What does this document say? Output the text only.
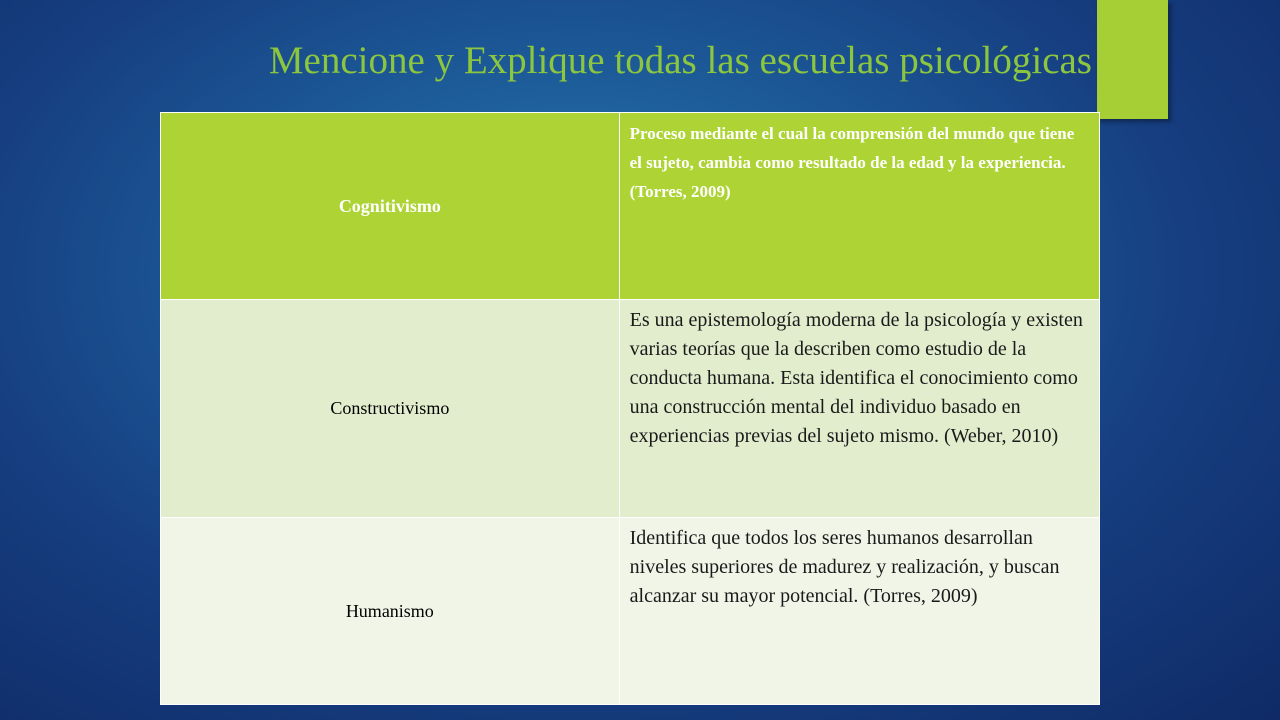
Mencione y Explique todas las escuelas psicológicas
Cognitivismo	Proceso mediante el cual la comprensión del mundo que tiene el sujeto, cambia como resultado de la edad y la experiencia. (Torres, 2009)
Constructivismo	Es una epistemología moderna de la psicología y existen varias teorías que la describen como estudio de la conducta humana. Esta identifica el conocimiento como una construcción mental del individuo basado en experiencias previas del sujeto mismo. (Weber, 2010)
Humanismo	Identifica que todos los seres humanos desarrollan niveles superiores de madurez y realización, y buscan alcanzar su mayor potencial. (Torres, 2009)
